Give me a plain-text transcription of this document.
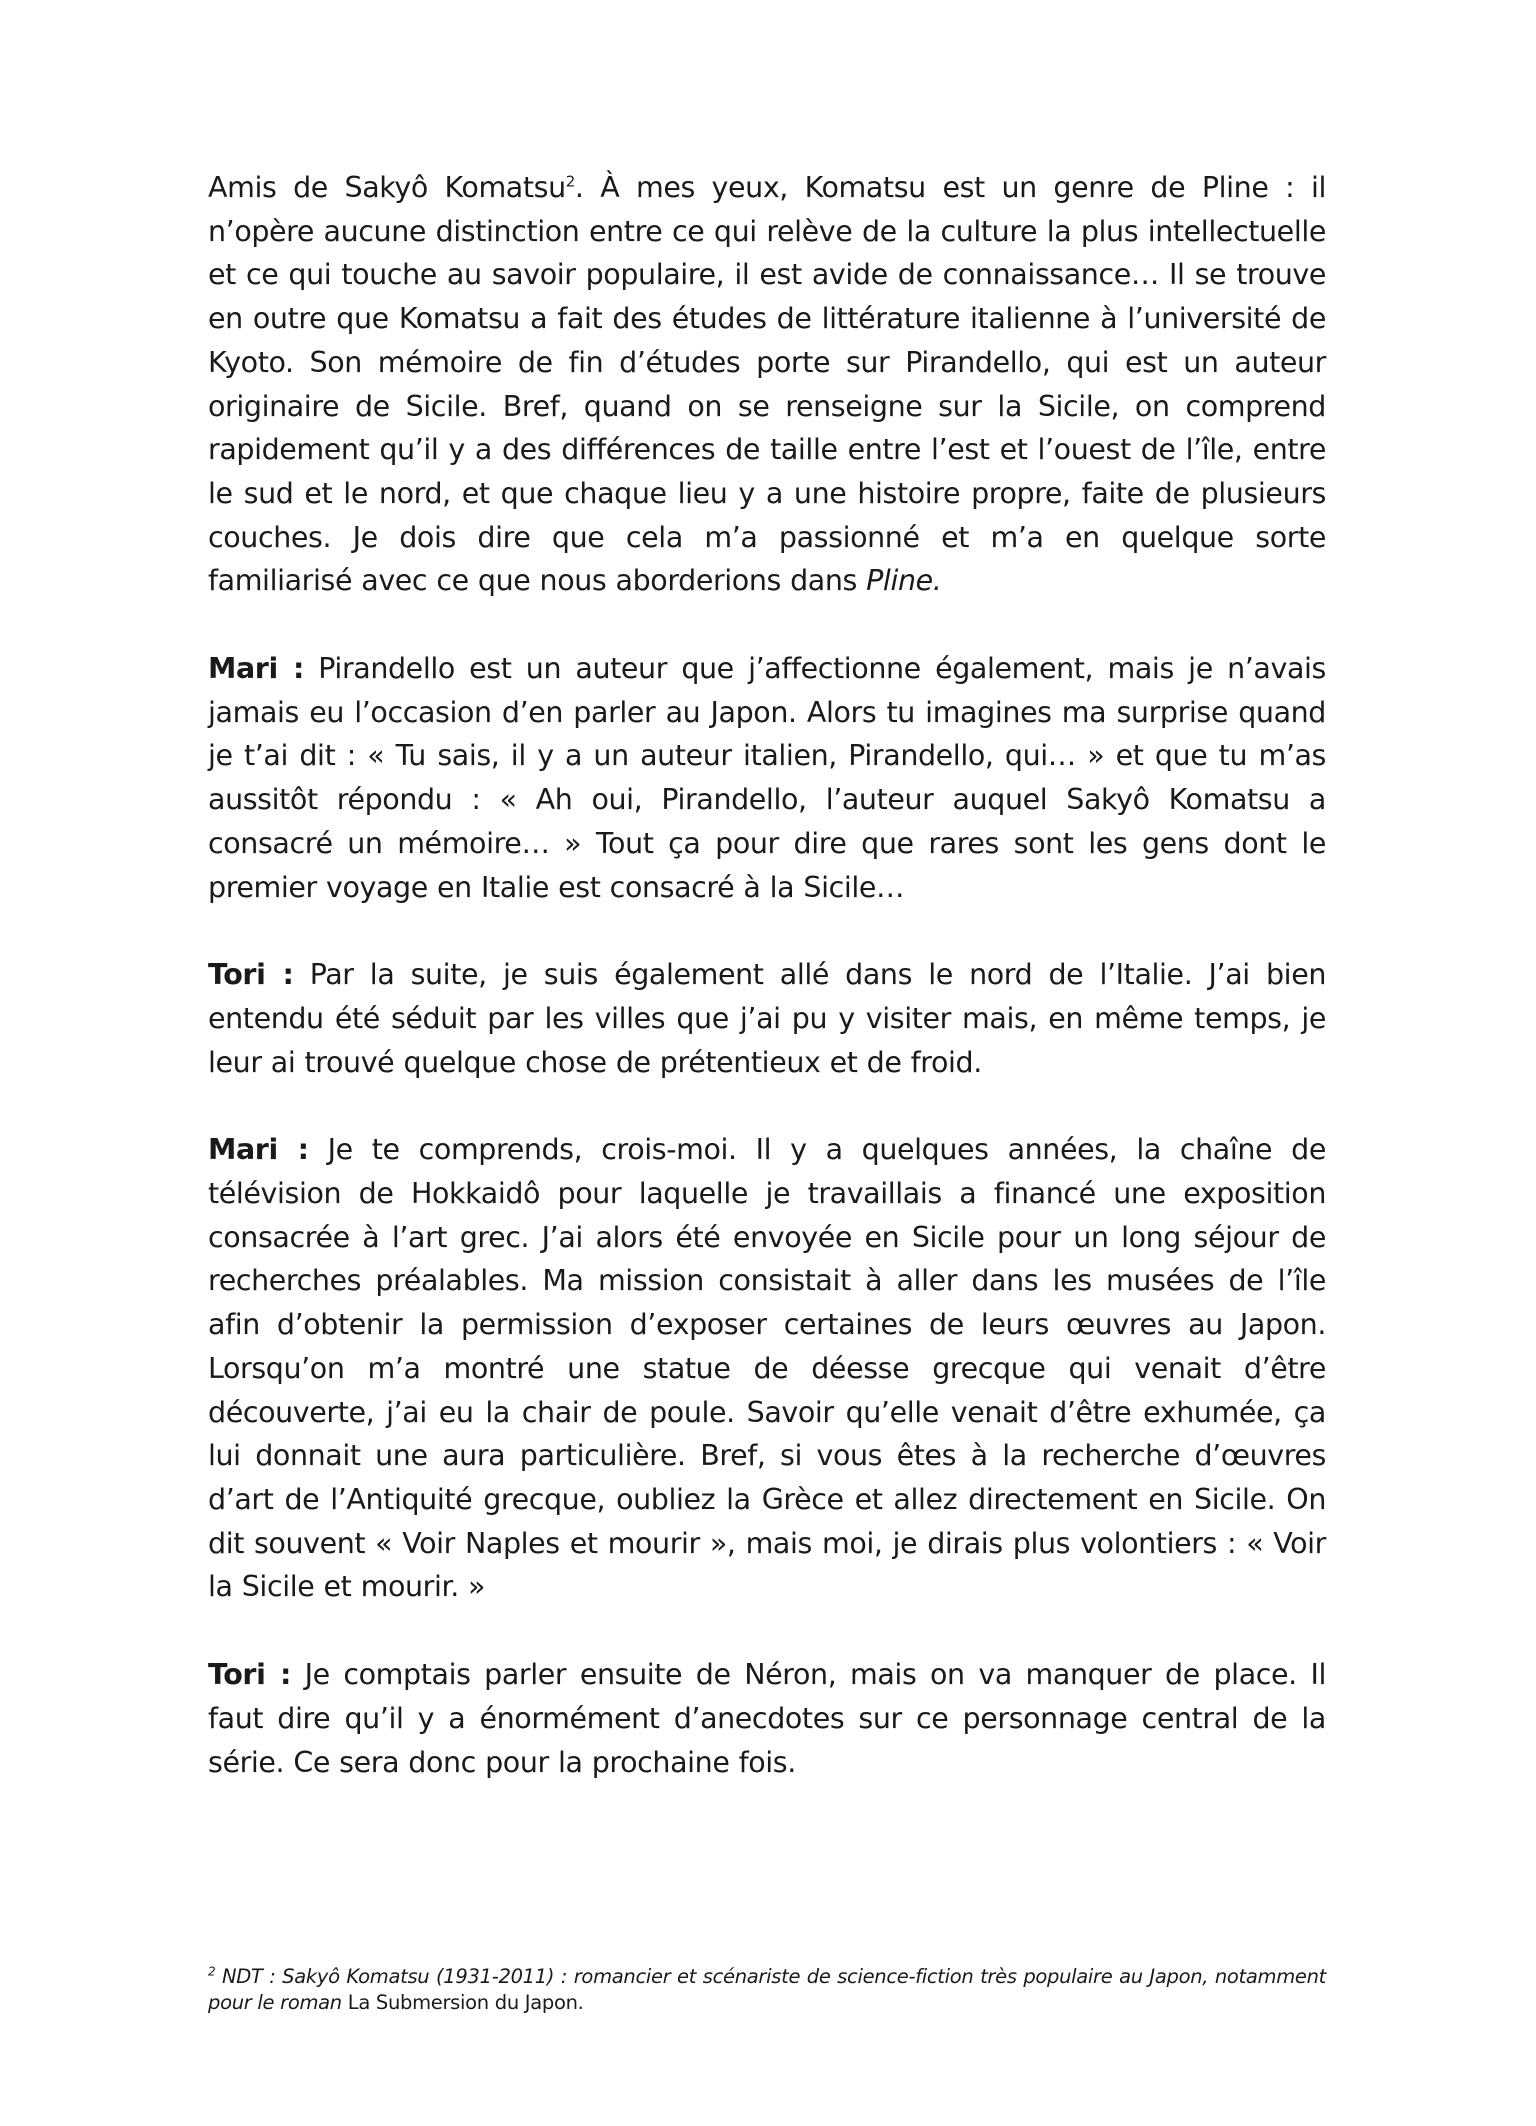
Amis de Sakyô Komatsu$^2$. À mes yeux, Komatsu est un genre de Pline : il n’opère aucune distinction entre ce qui relève de la culture la plus intellectuelle et ce qui touche au savoir populaire, il est avide de connaissance… Il se trouve en outre que Komatsu a fait des études de littérature italienne à l’université de Kyoto. Son mémoire de fin d’études porte sur Pirandello, qui est un auteur originaire de Sicile. Bref, quand on se renseigne sur la Sicile, on comprend rapidement qu’il y a des différences de taille entre l’est et l’ouest de l’île, entre le sud et le nord, et que chaque lieu y a une histoire propre, faite de plusieurs couches. Je dois dire que cela m’a passionné et m’a en quelque sorte familiarisé avec ce que nous aborderions dans Pline.

Mari : Pirandello est un auteur que j’affectionne également, mais je n’avais jamais eu l’occasion d’en parler au Japon. Alors tu imagines ma surprise quand je t’ai dit : « Tu sais, il y a un auteur italien, Pirandello, qui… » et que tu m’as aussitôt répondu : « Ah oui, Pirandello, l’auteur auquel Sakyô Komatsu a consacré un mémoire… » Tout ça pour dire que rares sont les gens dont le premier voyage en Italie est consacré à la Sicile…

Tori : Par la suite, je suis également allé dans le nord de l’Italie. J’ai bien entendu été séduit par les villes que j’ai pu y visiter mais, en même temps, je leur ai trouvé quelque chose de prétentieux et de froid.

Mari : Je te comprends, crois-moi. Il y a quelques années, la chaîne de télévision de Hokkaidô pour laquelle je travaillais a financé une exposition consacrée à l’art grec. J’ai alors été envoyée en Sicile pour un long séjour de recherches préalables. Ma mission consistait à aller dans les musées de l’île afin d’obtenir la permission d’exposer certaines de leurs œuvres au Japon. Lorsqu’on m’a montré une statue de déesse grecque qui venait d’être découverte, j’ai eu la chair de poule. Savoir qu’elle venait d’être exhumée, ça lui donnait une aura particulière. Bref, si vous êtes à la recherche d’œuvres d’art de l’Antiquité grecque, oubliez la Grèce et allez directement en Sicile. On dit souvent « Voir Naples et mourir », mais moi, je dirais plus volontiers : « Voir la Sicile et mourir. »

Tori : Je comptais parler ensuite de Néron, mais on va manquer de place. Il faut dire qu’il y a énormément d’anecdotes sur ce personnage central de la série. Ce sera donc pour la prochaine fois.

$^2$ NDT : Sakyô Komatsu (1931-2011) : romancier et scénariste de science-fiction très populaire au Japon, notamment pour le roman La Submersion du Japon.
